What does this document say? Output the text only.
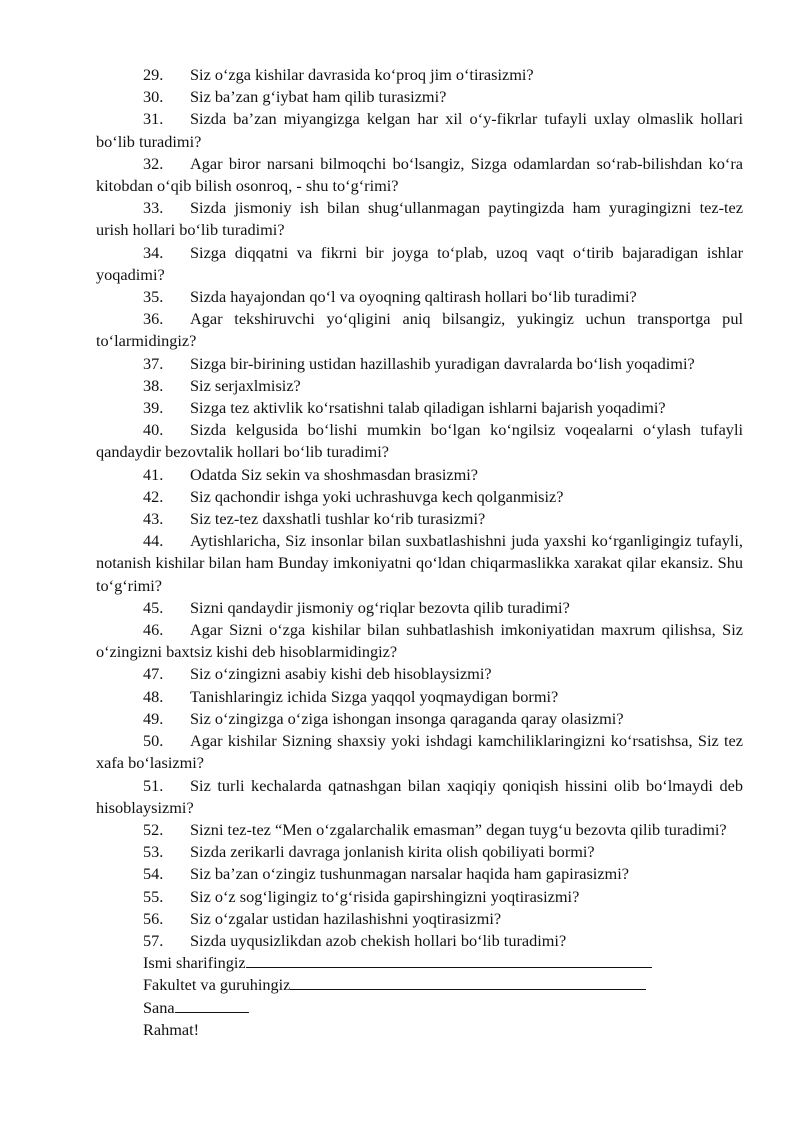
29. Siz o‘zga kishilar davrasida ko‘proq jim o‘tirasizmi?

30. Siz ba’zan g‘iybat ham qilib turasizmi?

31. Sizda ba’zan miyangizga kelgan har xil o‘y-fikrlar tufayli uxlay olmaslik hollari bo‘lib turadimi?

32. Agar biror narsani bilmoqchi bo‘lsangiz, Sizga odamlardan so‘rab-bilishdan ko‘ra kitobdan o‘qib bilish osonroq, - shu to‘g‘rimi?

33. Sizda jismoniy ish bilan shug‘ullanmagan paytingizda ham yuragingizni tez-tez urish hollari bo‘lib turadimi?

34. Sizga diqqatni va fikrni bir joyga to‘plab, uzoq vaqt o‘tirib bajaradigan ishlar yoqadimi?

35. Sizda hayajondan qo‘l va oyoqning qaltirash hollari bo‘lib turadimi?

36. Agar tekshiruvchi yo‘qligini aniq bilsangiz, yukingiz uchun transportga pul to‘larmidingiz?

37. Sizga bir-birining ustidan hazillashib yuradigan davralarda bo‘lish yoqadimi?

38. Siz serjaxlmisiz?

39. Sizga tez aktivlik ko‘rsatishni talab qiladigan ishlarni bajarish yoqadimi?

40. Sizda kelgusida bo‘lishi mumkin bo‘lgan ko‘ngilsiz voqealarni o‘ylash tufayli qandaydir bezovtalik hollari bo‘lib turadimi?

41. Odatda Siz sekin va shoshmasdan brasizmi?

42. Siz qachondir ishga yoki uchrashuvga kech qolganmisiz?

43. Siz tez-tez daxshatli tushlar ko‘rib turasizmi?

44. Aytishlaricha, Siz insonlar bilan suxbatlashishni juda yaxshi ko‘rganligingiz tufayli, notanish kishilar bilan ham Bunday imkoniyatni qo‘ldan chiqarmaslikka xarakat qilar ekansiz. Shu to‘g‘rimi?

45. Sizni qandaydir jismoniy og‘riqlar bezovta qilib turadimi?

46. Agar Sizni o‘zga kishilar bilan suhbatlashish imkoniyatidan maxrum qilishsa, Siz o‘zingizni baxtsiz kishi deb hisoblarmidingiz?

47. Siz o‘zingizni asabiy kishi deb hisoblaysizmi?

48. Tanishlaringiz ichida Sizga yaqqol yoqmaydigan bormi?

49. Siz o‘zingizga o‘ziga ishongan insonga qaraganda qaray olasizmi?

50. Agar kishilar Sizning shaxsiy yoki ishdagi kamchiliklaringizni ko‘rsatishsa, Siz tez xafa bo‘lasizmi?

51. Siz turli kechalarda qatnashgan bilan xaqiqiy qoniqish hissini olib bo‘lmaydi deb hisoblaysizmi?

52. Sizni tez-tez “Men o‘zgalarchalik emasman” degan tuyg‘u bezovta qilib turadimi?

53. Sizda zerikarli davraga jonlanish kirita olish qobiliyati bormi?

54. Siz ba’zan o‘zingiz tushunmagan narsalar haqida ham gapirasizmi?

55. Siz o‘z sog‘ligingiz to‘g‘risida gapirshingizni yoqtirasizmi?

56. Siz o‘zgalar ustidan hazilashishni yoqtirasizmi?

57. Sizda uyqusizlikdan azob chekish hollari bo‘lib turadimi?

Ismi sharifingiz

Fakultet va guruhingiz

Sana

Rahmat!
